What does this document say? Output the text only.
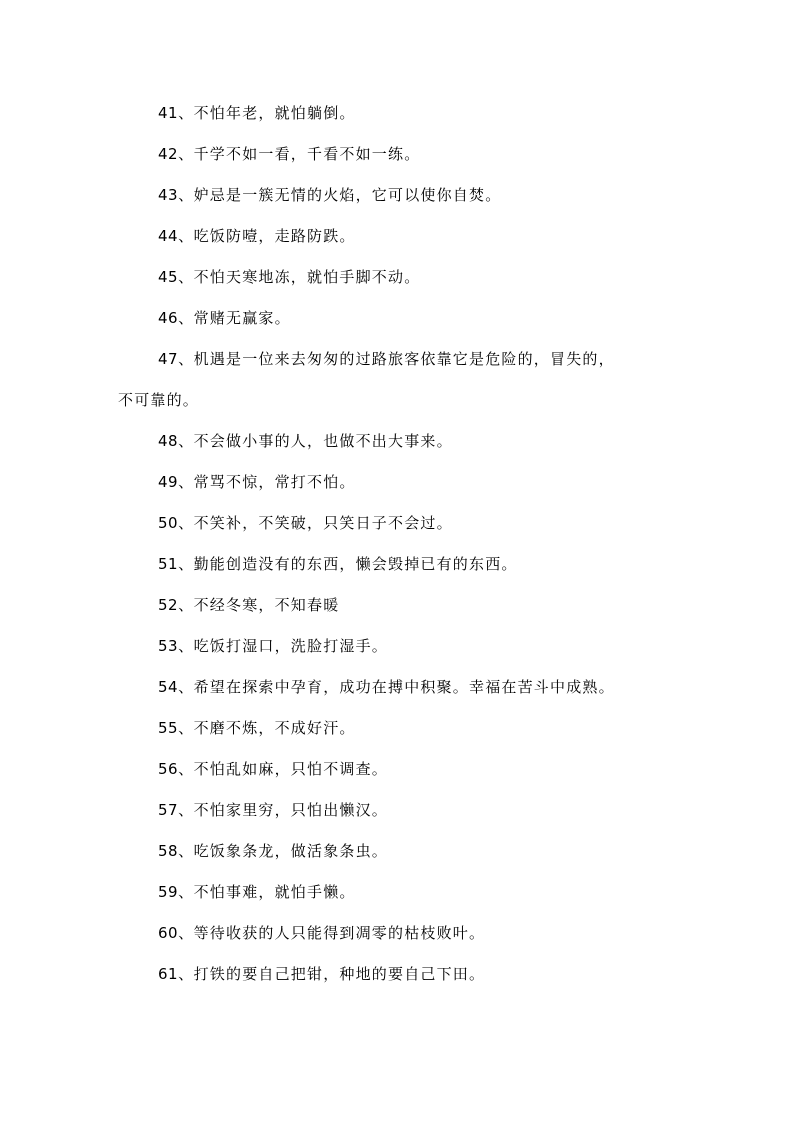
41、不怕年老，就怕躺倒。
42、千学不如一看，千看不如一练。
43、妒忌是一簇无情的火焰，它可以使你自焚。
44、吃饭防噎，走路防跌。
45、不怕天寒地冻，就怕手脚不动。
46、常赌无赢家。
47、机遇是一位来去匆匆的过路旅客依靠它是危险的，冒失的，
不可靠的。
48、不会做小事的人，也做不出大事来。
49、常骂不惊，常打不怕。
50、不笑补，不笑破，只笑日子不会过。
51、勤能创造没有的东西，懒会毁掉已有的东西。
52、不经冬寒，不知春暖
53、吃饭打湿口，洗脸打湿手。
54、希望在探索中孕育，成功在搏中积聚。幸福在苦斗中成熟。
55、不磨不炼，不成好汗。
56、不怕乱如麻，只怕不调查。
57、不怕家里穷，只怕出懒汉。
58、吃饭象条龙，做活象条虫。
59、不怕事难，就怕手懒。
60、等待收获的人只能得到凋零的枯枝败叶。
61、打铁的要自己把钳，种地的要自己下田。
